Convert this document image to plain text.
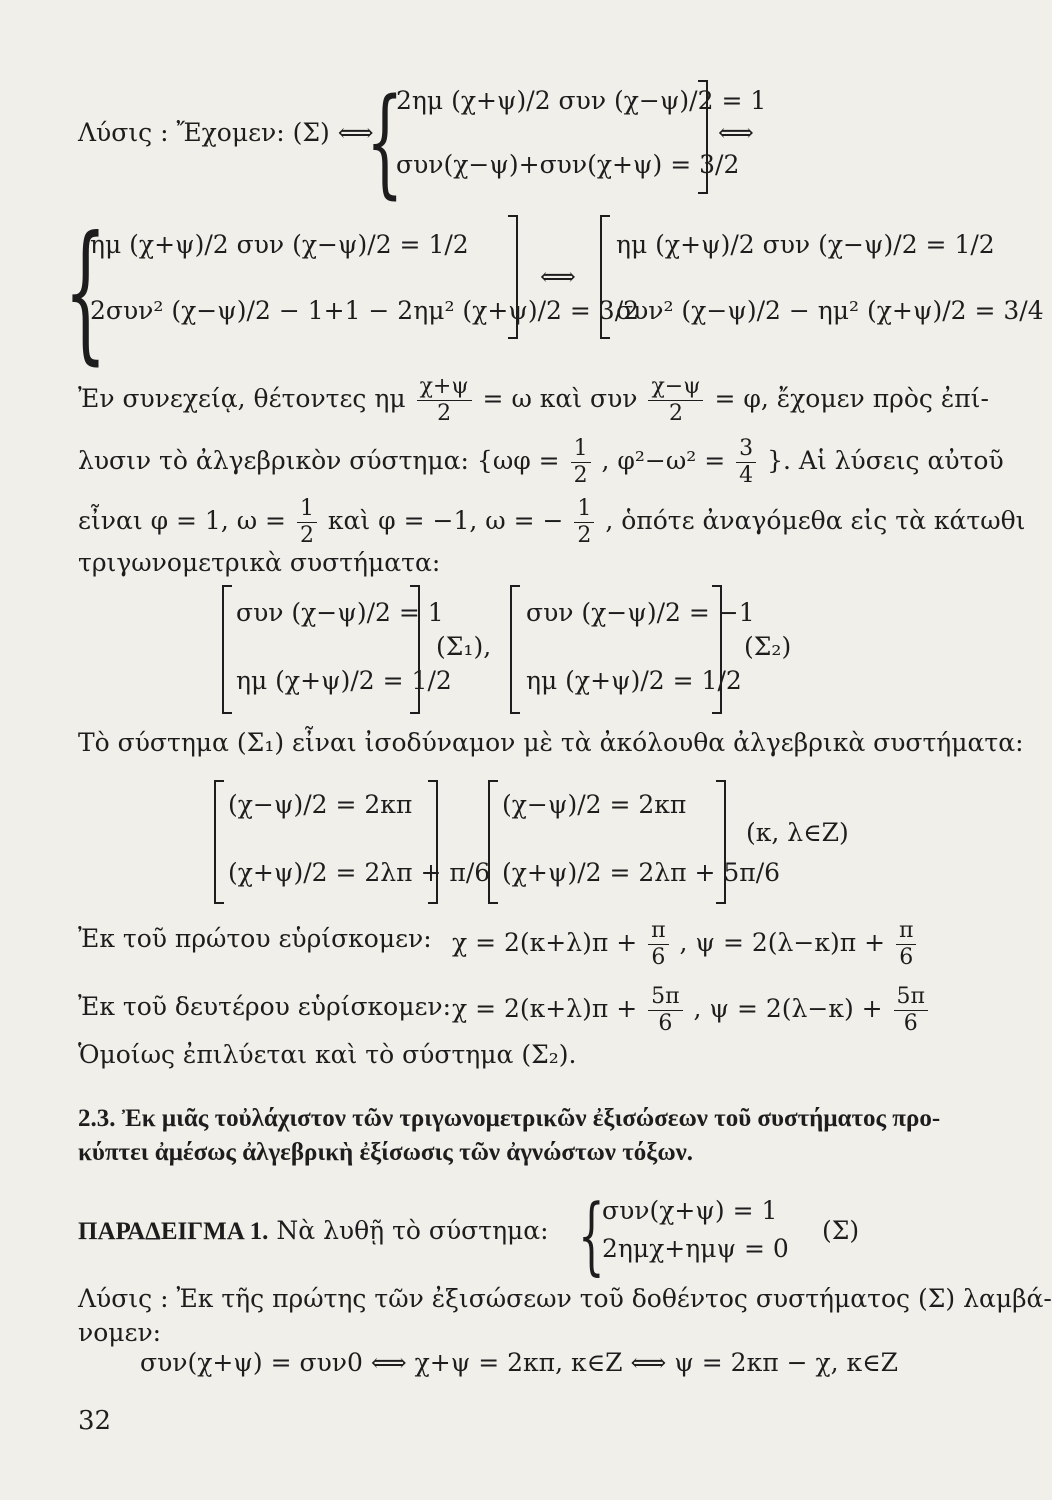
Λύσις : Ἔχομεν: (Σ) ⟺
{
2ημ (χ+ψ)/2 συν (χ−ψ)/2 = 1
συν(χ−ψ)+συν(χ+ψ) = 3/2
⟺
{
ημ (χ+ψ)/2 συν (χ−ψ)/2 = 1/2
2συν² (χ−ψ)/2 − 1+1 − 2ημ² (χ+ψ)/2 = 3/2
⟺
ημ (χ+ψ)/2 συν (χ−ψ)/2 = 1/2
συν² (χ−ψ)/2 − ημ² (χ+ψ)/2 = 3/4
Ἐν συνεχείᾳ, θέτοντες ημ $\frac{\chi+\psi}{2} = \omega$ καὶ συν $\frac{\chi-\psi}{2} = \varphi$, ἔχομεν πρὸς ἐπί-
λυσιν τὸ ἀλγεβρικὸν σύστημα: {$\omega\varphi = \frac{1}{2}$ , $\varphi^2-\omega^2 = \frac{3}{4}$ }. Αἱ λύσεις αὐτοῦ
εἶναι φ = 1, $\omega = \frac{1}{2}$ καὶ φ = −1, ω = − $\frac{1}{2}$ , ὁπότε ἀναγόμεθα εἰς τὰ κάτωθι
τριγωνομετρικὰ συστήματα:
συν (χ−ψ)/2 = 1
ημ (χ+ψ)/2 = 1/2
(Σ₁),
συν (χ−ψ)/2 = −1
ημ (χ+ψ)/2 = 1/2
(Σ₂)
Τὸ σύστημα (Σ₁) εἶναι ἰσοδύναμον μὲ τὰ ἀκόλουθα ἀλγεβρικὰ συστήματα:
(χ−ψ)/2 = 2κπ
(χ+ψ)/2 = 2λπ + π/6
(χ−ψ)/2 = 2κπ
(χ+ψ)/2 = 2λπ + 5π/6
(κ, λ∈Z)
Ἐκ τοῦ πρώτου εὑρίσκομεν: $\chi = 2(\kappa+\lambda)\pi + \frac{\pi}{6}$ , $\psi = 2(\lambda-\kappa)\pi + \frac{\pi}{6}$
Ἐκ τοῦ δευτέρου εὑρίσκομεν: $\chi = 2(\kappa+\lambda)\pi + \frac{5\pi}{6}$ , $\psi = 2(\lambda-\kappa) + \frac{5\pi}{6}$
Ὁμοίως ἐπιλύεται καὶ τὸ σύστημα (Σ₂).
2.3. Ἐκ μιᾶς τοὐλάχιστον τῶν τριγωνομετρικῶν ἐξισώσεων τοῦ συστήματος προ-
κύπτει ἀμέσως ἀλγεβρικὴ ἐξίσωσις τῶν ἀγνώστων τόξων.
ΠΑΡΑΔΕΙΓΜΑ 1. Νὰ λυθῇ τὸ σύστημα: {
συν(χ+ψ) = 1
2ημχ+ημψ = 0
(Σ)
Λύσις : Ἐκ τῆς πρώτης τῶν ἐξισώσεων τοῦ δοθέντος συστήματος (Σ) λαμβά-
νομεν:
συν(χ+ψ) = συν0 ⟺ χ+ψ = 2κπ, κ∈Z ⟺ ψ = 2κπ − χ, κ∈Z
32
